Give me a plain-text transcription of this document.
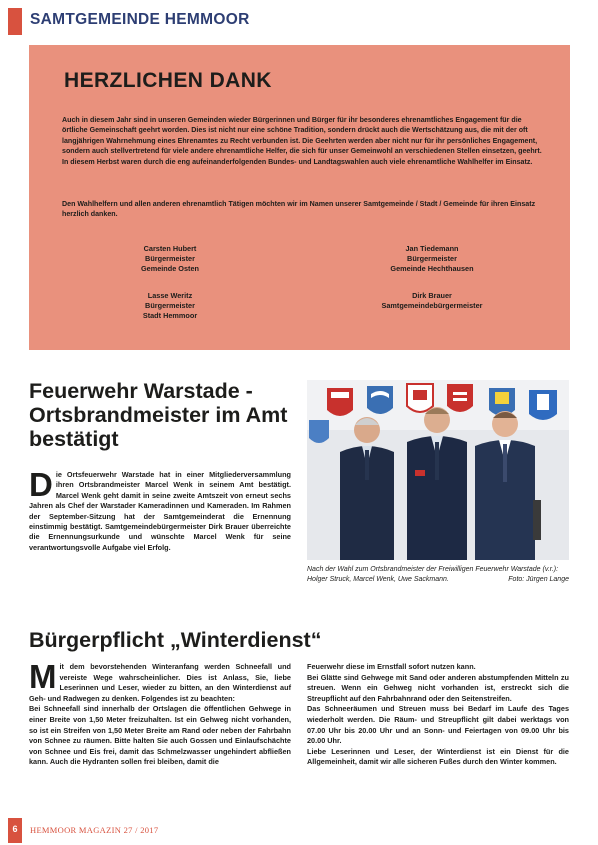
SAMTGEMEINDE HEMMOOR
HERZLICHEN DANK

Auch in diesem Jahr sind in unseren Gemeinden wieder Bürgerinnen und Bürger für ihr besonderes ehrenamtliches Engagement für die örtliche Gemeinschaft geehrt worden. Dies ist nicht nur eine schöne Tradition, sondern drückt auch die Wertschätzung aus, die mit der oft langjährigen Wahrnehmung eines Ehrenamtes zu Recht verbunden ist. Die Geehrten werden aber nicht nur für ihr persönliches Engagement, sondern auch stellvertretend für viele andere ehrenamtliche Helfer, die sich für unser Gemeinwohl an verschiedenen Stellen einsetzen, geehrt. In diesem Herbst waren durch die eng aufeinanderfolgenden Bundes- und Landtagswahlen auch viele ehrenamtliche Wahlhelfer im Einsatz.

Den Wahlhelfern und allen anderen ehrenamtlich Tätigen möchten wir im Namen unserer Samtgemeinde / Stadt / Gemeinde für ihren Einsatz herzlich danken.

Carsten Hubert
Bürgermeister
Gemeinde Osten
Jan Tiedemann
Bürgermeister
Gemeinde Hechthausen
Lasse Weritz
Bürgermeister
Stadt Hemmoor
Dirk Brauer
Samtgemeindebürgermeister
Feuerwehr Warstade - Ortsbrandmeister im Amt bestätigt

Die Ortsfeuerwehr Warstade hat in einer Mitgliederversammlung ihren Ortsbrandmeister Marcel Wenk in seinem Amt bestätigt. Marcel Wenk geht damit in seine zweite Amtszeit von erneut sechs Jahren als Chef der Warstader Kameradinnen und Kameraden. Im Rahmen der September-Sitzung hat der Samtgemeinderat die Ernennung einstimmig bestätigt. Samtgemeindebürgermeister Dirk Brauer überreichte die Ernennungsurkunde und wünschte Marcel Wenk für seine verantwortungsvolle Aufgabe viel Erfolg.

Nach der Wahl zum Ortsbrandmeister der Freiwilligen Feuerwehr Warstade (v.r.): Holger Struck, Marcel Wenk, Uwe Sackmann.	Foto: Jürgen Lange

Bürgerpflicht „Winterdienst“

Mit dem bevorstehenden Winteranfang werden Schneefall und vereiste Wege wahrscheinlicher. Dies ist Anlass, Sie, liebe Leserinnen und Leser, wieder zu bitten, an den Winterdienst auf Geh- und Radwegen zu denken. Folgendes ist zu beachten:

Bei Schneefall sind innerhalb der Ortslagen die öffentlichen Gehwege in einer Breite von 1,50 Meter freizuhalten. Ist ein Gehweg nicht vorhanden, so ist ein Streifen von 1,50 Meter Breite am Rand oder neben der Fahrbahn von Schnee zu räumen. Bitte halten Sie auch Gossen und Einlaufschächte von Schnee und Eis frei, damit das Schmelzwasser ungehindert abfließen kann. Auch die Hydranten sollen frei bleiben, damit die

Feuerwehr diese im Ernstfall sofort nutzen kann.

Bei Glätte sind Gehwege mit Sand oder anderen abstumpfenden Mitteln zu streuen. Wenn ein Gehweg nicht vorhanden ist, erstreckt sich die Streupflicht auf den Fahrbahnrand oder den Seitenstreifen.

Das Schneeräumen und Streuen muss bei Bedarf im Laufe des Tages wiederholt werden. Die Räum- und Streupflicht gilt dabei werktags von 07.00 Uhr bis 20.00 Uhr und an Sonn- und Feiertagen von 09.00 Uhr bis 20.00 Uhr.

Liebe Leserinnen und Leser, der Winterdienst ist ein Dienst für die Allgemeinheit, damit wir alle sicheren Fußes durch den Winter kommen.

6 HEMMOOR MAGAZIN 27 / 2017
